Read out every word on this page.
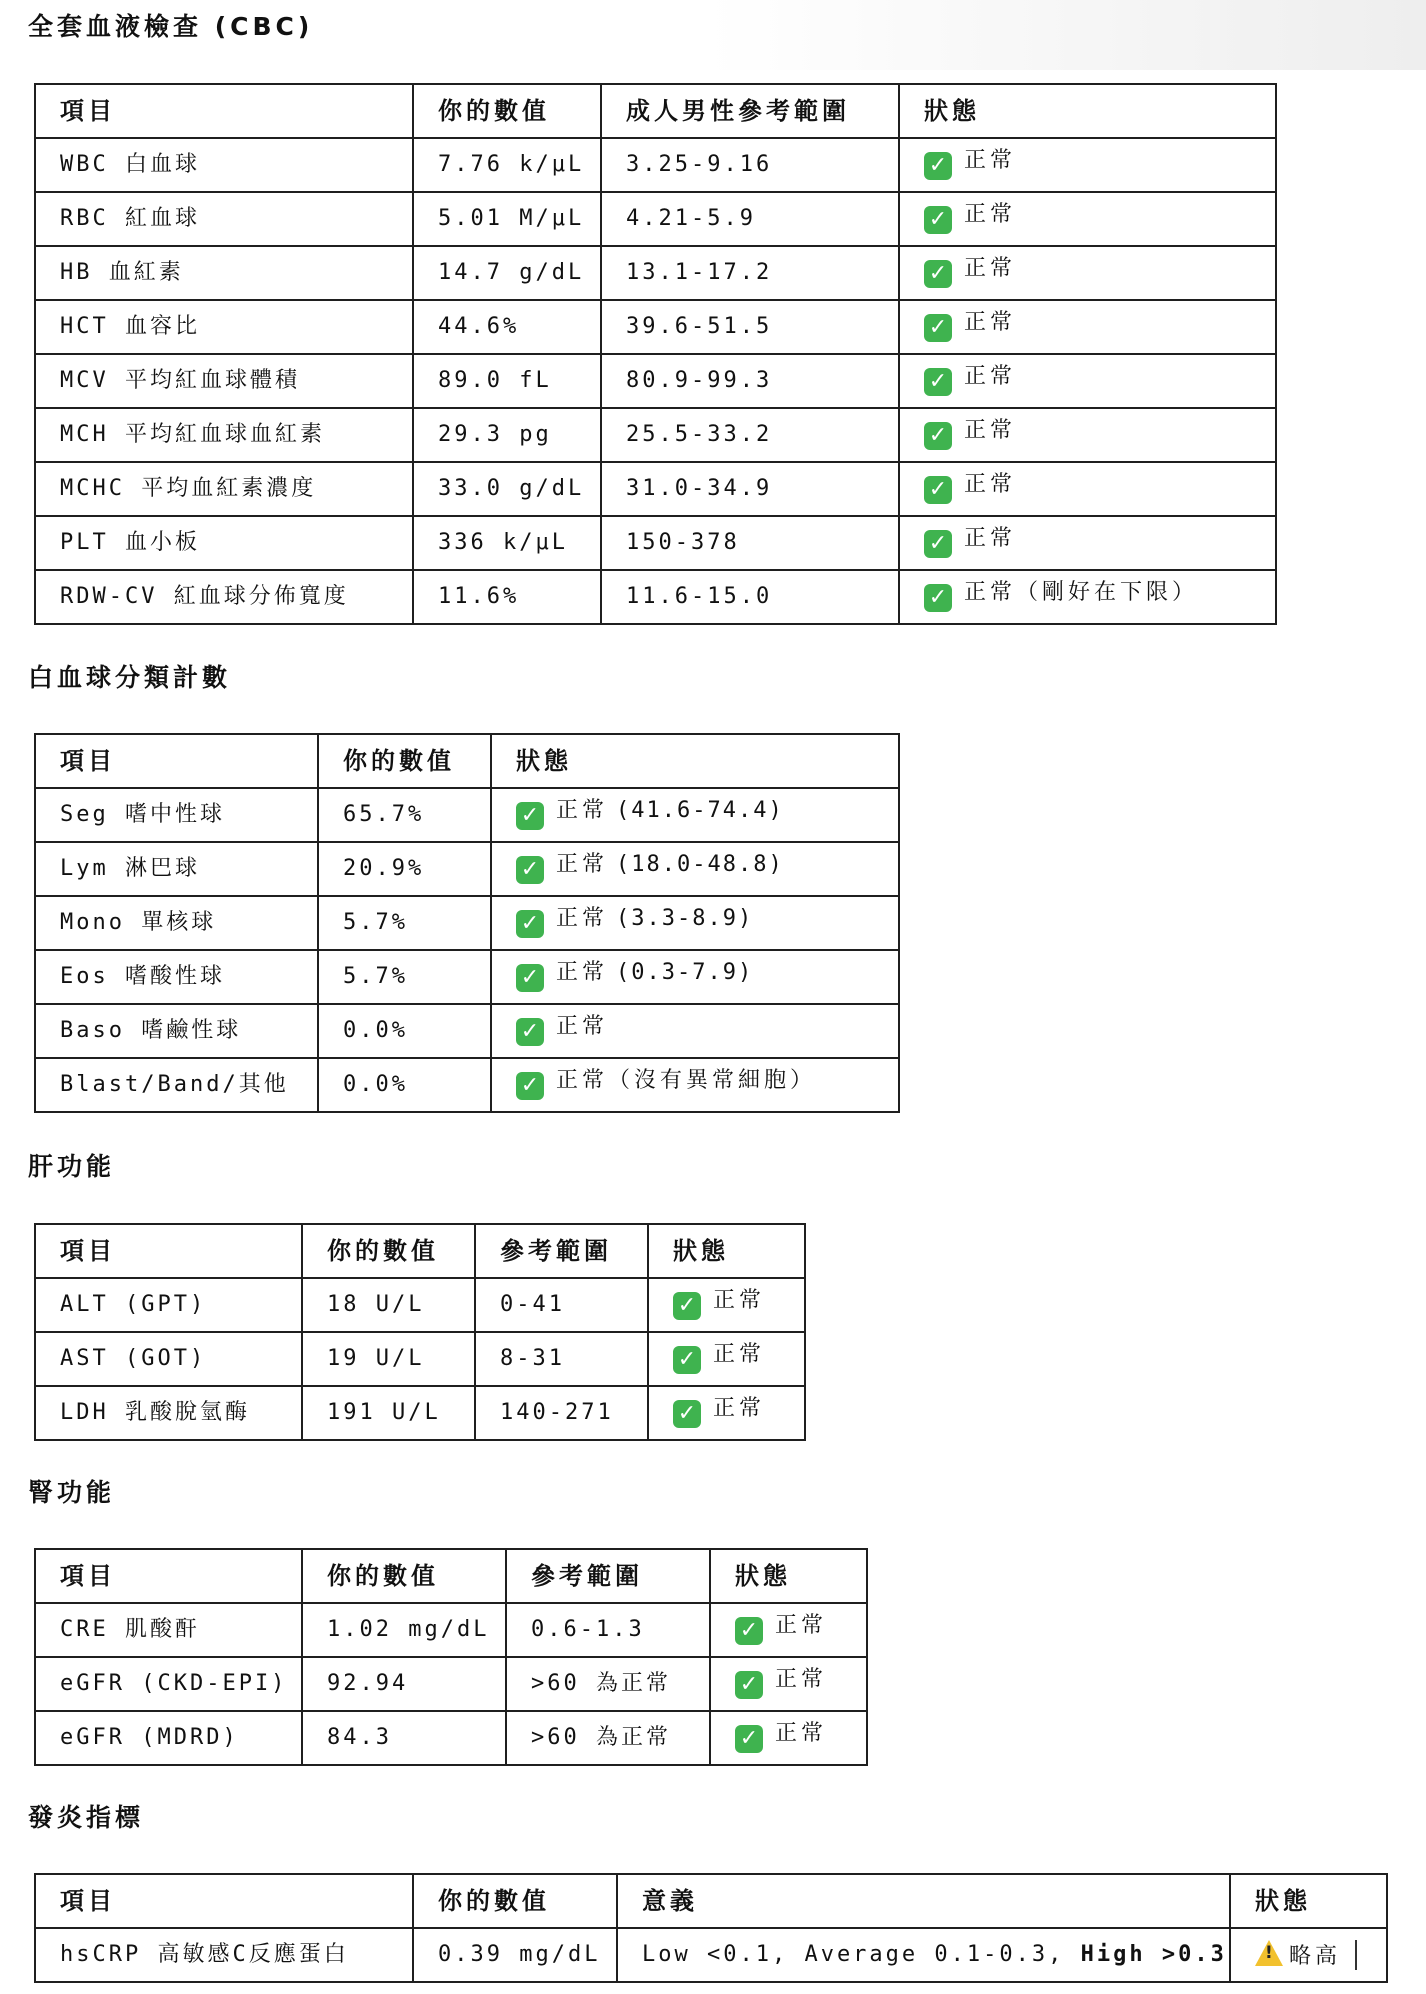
全套血液檢查 (CBC)
項目	你的數值	成人男性參考範圍	狀態
WBC 白血球	7.76 k/μL	3.25-9.16	✓ 正常
RBC 紅血球	5.01 M/μL	4.21-5.9	✓ 正常
HB 血紅素	14.7 g/dL	13.1-17.2	✓ 正常
HCT 血容比	44.6%	39.6-51.5	✓ 正常
MCV 平均紅血球體積	89.0 fL	80.9-99.3	✓ 正常
MCH 平均紅血球血紅素	29.3 pg	25.5-33.2	✓ 正常
MCHC 平均血紅素濃度	33.0 g/dL	31.0-34.9	✓ 正常
PLT 血小板	336 k/μL	150-378	✓ 正常
RDW-CV 紅血球分佈寬度	11.6%	11.6-15.0	✓ 正常（剛好在下限）
白血球分類計數
項目	你的數值	狀態
Seg 嗜中性球	65.7%	✓ 正常 (41.6-74.4)
Lym 淋巴球	20.9%	✓ 正常 (18.0-48.8)
Mono 單核球	5.7%	✓ 正常 (3.3-8.9)
Eos 嗜酸性球	5.7%	✓ 正常 (0.3-7.9)
Baso 嗜鹼性球	0.0%	✓ 正常
Blast/Band/其他	0.0%	✓ 正常（沒有異常細胞）
肝功能
項目	你的數值	參考範圍	狀態
ALT (GPT)	18 U/L	0-41	✓ 正常
AST (GOT)	19 U/L	8-31	✓ 正常
LDH 乳酸脫氫酶	191 U/L	140-271	✓ 正常
腎功能
項目	你的數值	參考範圍	狀態
CRE 肌酸酐	1.02 mg/dL	0.6-1.3	✓ 正常
eGFR (CKD-EPI)	92.94	>60 為正常	✓ 正常
eGFR (MDRD)	84.3	>60 為正常	✓ 正常
發炎指標
項目	你的數值	意義	狀態
hsCRP 高敏感C反應蛋白	0.39 mg/dL	Low <0.1, Average 0.1-0.3, High >0.3	!略高
